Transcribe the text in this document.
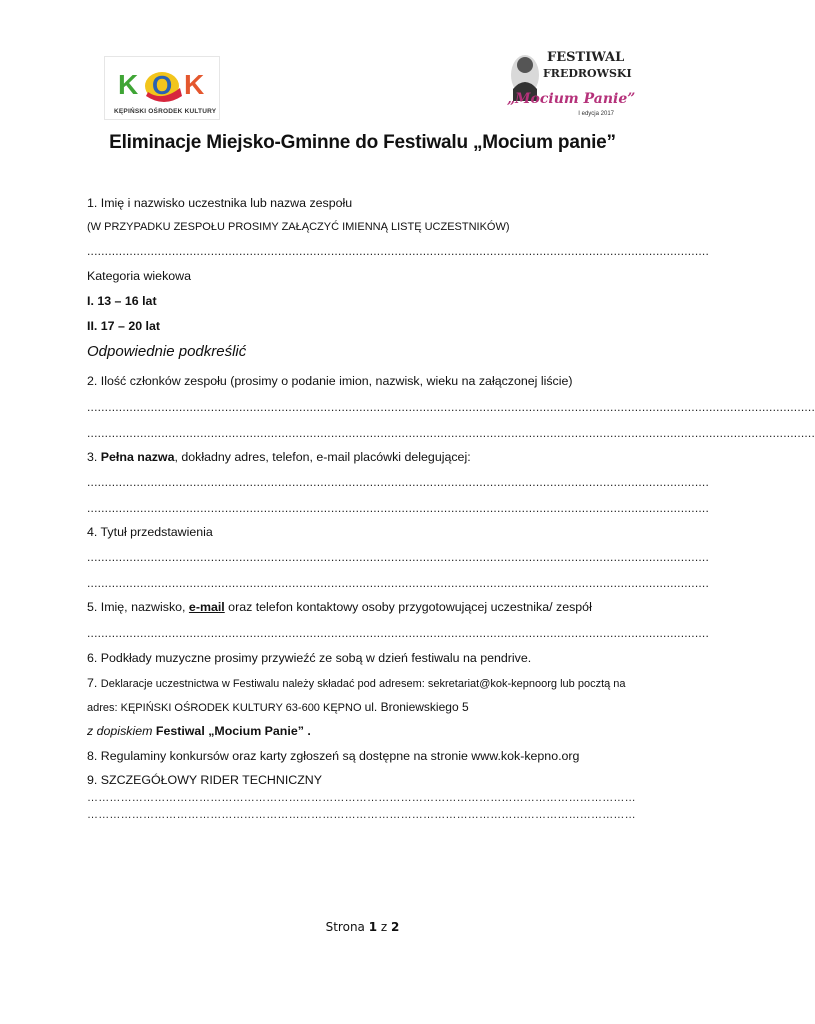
K O K
KĘPIŃSKI OŚRODEK KULTURY
FESTIWAL
FREDROWSKI
„Mocium Panie”
I edycja 2017
Eliminacje Miejsko-Gminne do Festiwalu „Mocium panie”
1. Imię i nazwisko uczestnika lub nazwa zespołu
(W PRZYPADKU ZESPOŁU PROSIMY ZAŁĄCZYĆ IMIENNĄ LISTĘ UCZESTNIKÓW)
................................................................................................................................................................................
Kategoria wiekowa
I. 13 – 16 lat
II. 17 – 20 lat
Odpowiednie podkreślić
2. Ilość członków zespołu (prosimy o podanie imion, nazwisk, wieku na załączonej liście)
..............................................................................................................................................................................................................
..............................................................................................................................................................................................................
3. Pełna nazwa, dokładny adres, telefon, e-mail placówki delegującej:
................................................................................................................................................................................
................................................................................................................................................................................
4. Tytuł przedstawienia
................................................................................................................................................................................
................................................................................................................................................................................
5. Imię, nazwisko, e-mail oraz telefon kontaktowy osoby przygotowującej uczestnika/ zespół
................................................................................................................................................................................
6. Podkłady muzyczne prosimy przywieźć ze sobą w dzień festiwalu na pendrive.
7. Deklaracje uczestnictwa w Festiwalu należy składać pod adresem: sekretariat@kok-kepnoorg lub pocztą na
adres: KĘPIŃSKI OŚRODEK KULTURY 63-600 KĘPNO ul. Broniewskiego 5
z dopiskiem Festiwal „Mocium Panie” .
8. Regulaminy konkursów oraz karty zgłoszeń są dostępne na stronie www.kok-kepno.org
9. SZCZEGÓŁOWY RIDER TECHNICZNY
…………………………………………………………………………………………………………………………………
…………………………………………………………………………………………………………………………………
Strona 1 z 2
